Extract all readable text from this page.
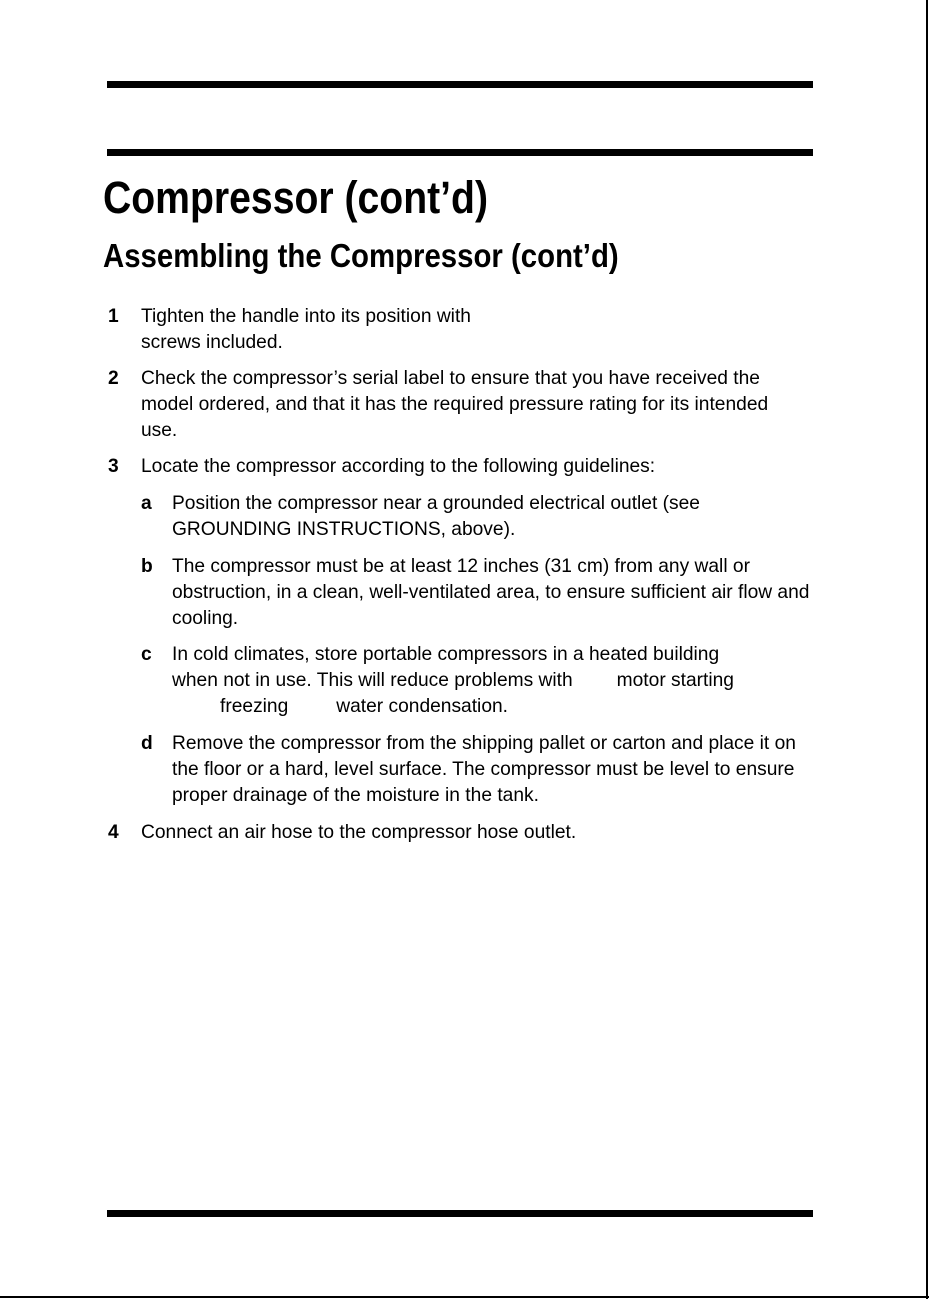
Compressor (cont’d)
Assembling the Compressor (cont’d)
1	Tighten the handle into its position with screws included.
2	Check the compressor’s serial label to ensure that you have received the model ordered, and that it has the required pressure rating for its intended use.
3	Locate the compressor according to the following guidelines:
a	Position the compressor near a grounded electrical outlet (see GROUNDING INSTRUCTIONS, above).
b	The compressor must be at least 12 inches (31 cm) from any wall or obstruction, in a clean, well-ventilated area, to ensure sufficient air flow and cooling.
c	In cold climates, store portable compressors in a heated building
when not in use. This will reduce problems with motor starting
freezing	water condensation.
d	Remove the compressor from the shipping pallet or carton and place it on the floor or a hard, level surface. The compressor must be level to ensure proper drainage of the moisture in the tank.
4	Connect an air hose to the compressor hose outlet.
